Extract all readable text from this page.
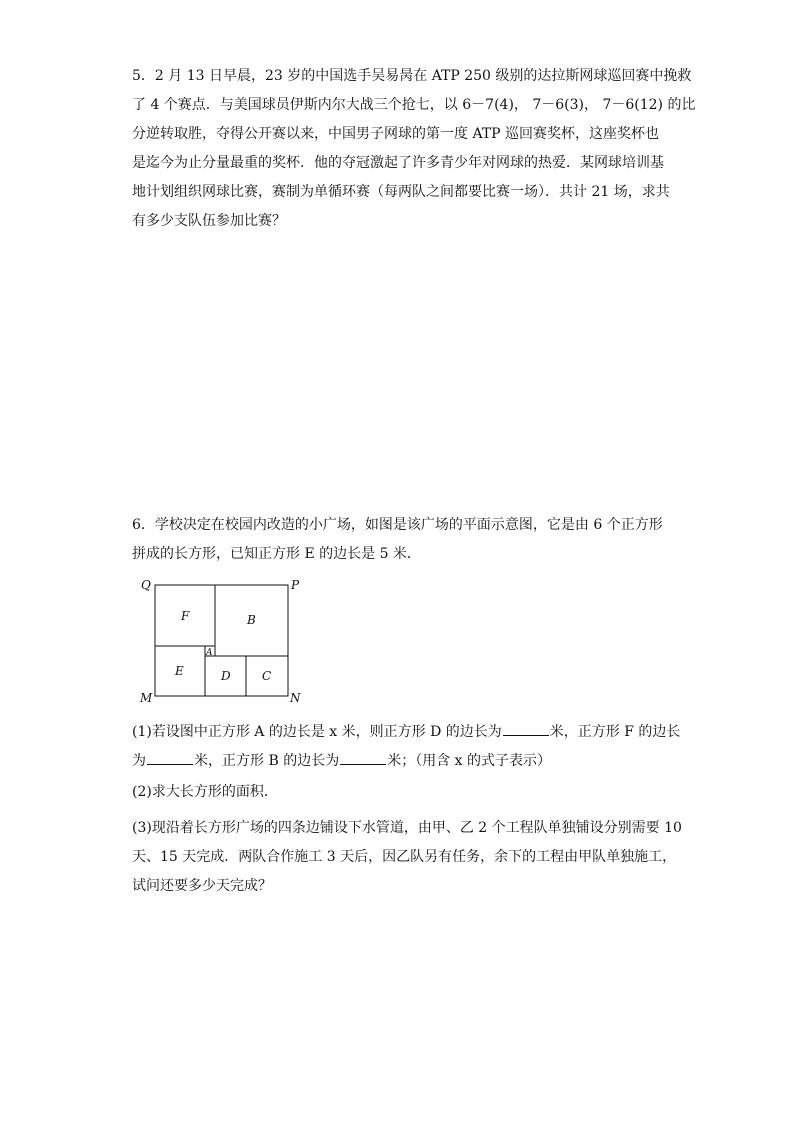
5．2 月 13 日早晨，23 岁的中国选手吴易昺在 ATP 250 级别的达拉斯网球巡回赛中挽救
了 4 个赛点．与美国球员伊斯内尔大战三个抢七，以 6－7(4)， 7－6(3)， 7－6(12) 的比
分逆转取胜，夺得公开赛以来，中国男子网球的第一度 ATP 巡回赛奖杯，这座奖杯也
是迄今为止分量最重的奖杯．他的夺冠激起了许多青少年对网球的热爱．某网球培训基
地计划组织网球比赛，赛制为单循环赛（每两队之间都要比赛一场）．共计 21 场，求共
有多少支队伍参加比赛？
6．学校决定在校园内改造的小广场，如图是该广场的平面示意图，它是由 6 个正方形
拼成的长方形，已知正方形 E 的边长是 5 米．
Q	P
M	N
F	B
A
E	D	C
(1)若设图中正方形 A 的边长是 x 米，则正方形 D 的边长为	米，正方形 F 的边长
为	米，正方形 B 的边长为	米；（用含 x 的式子表示）
(2)求大长方形的面积．
(3)现沿着长方形广场的四条边铺设下水管道，由甲、乙 2 个工程队单独铺设分别需要 10
天、15 天完成．两队合作施工 3 天后，因乙队另有任务，余下的工程由甲队单独施工，
试问还要多少天完成？
